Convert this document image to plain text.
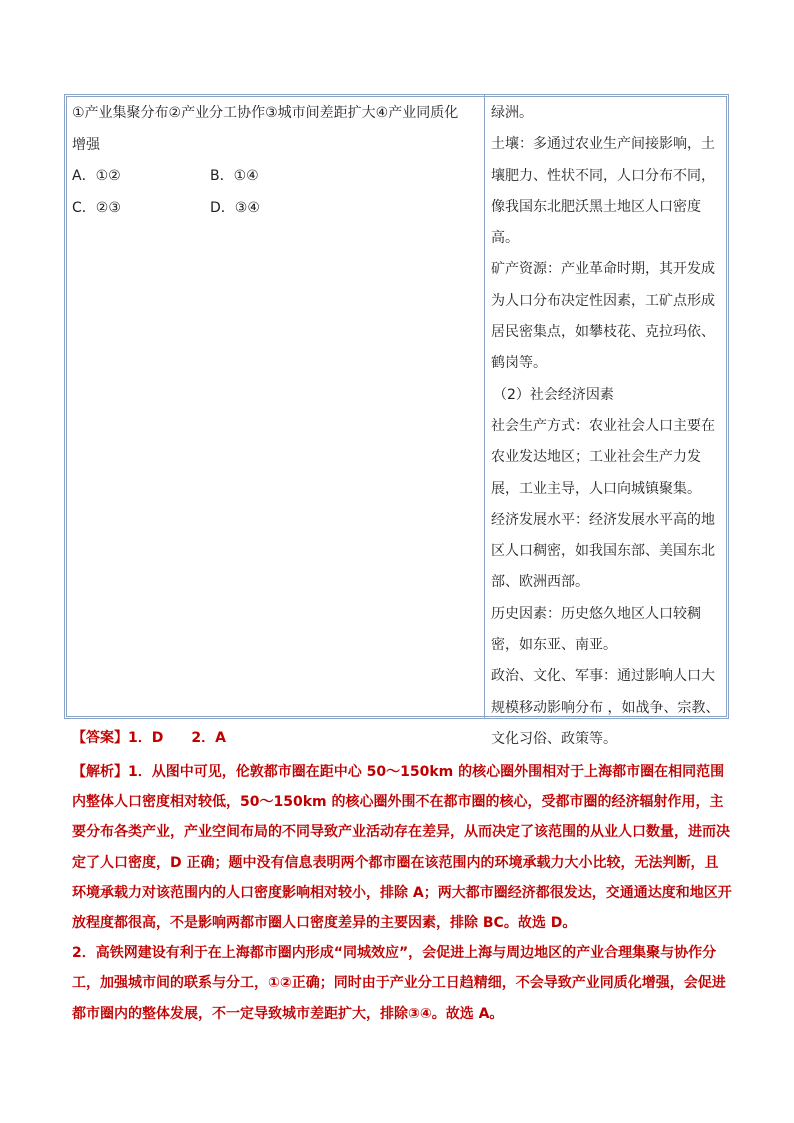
①产业集聚分布②产业分工协作③城市间差距扩大④产业同质化
增强
A．①②	B．①④
C．②③	D．③④

绿洲。

土壤：多通过农业生产间接影响，土壤肥力、性状不同，人口分布不同，像我国东北肥沃黑土地区人口密度高。

矿产资源：产业革命时期，其开发成为人口分布决定性因素，工矿点形成居民密集点，如攀枝花、克拉玛依、鹤岗等。

（2）社会经济因素

社会生产方式：农业社会人口主要在农业发达地区；工业社会生产力发展，工业主导，人口向城镇聚集。

经济发展水平：经济发展水平高的地区人口稠密，如我国东部、美国东北部、欧洲西部。

历史因素：历史悠久地区人口较稠密，如东亚、南亚。

政治、文化、军事：通过影响人口大规模移动影响分布 ，如战争、宗教、文化习俗、政策等。

【答案】1．D 2．A

【解析】1．从图中可见，伦敦都市圈在距中心 50～150km 的核心圈外围相对于上海都市圈在相同范围内整体人口密度相对较低，50～150km 的核心圈外围不在都市圈的核心，受都市圈的经济辐射作用，主要分布各类产业，产业空间布局的不同导致产业活动存在差异，从而决定了该范围的从业人口数量，进而决定了人口密度，D 正确；题中没有信息表明两个都市圈在该范围内的环境承载力大小比较，无法判断，且环境承载力对该范围内的人口密度影响相对较小，排除 A；两大都市圈经济都很发达，交通通达度和地区开放程度都很高，不是影响两都市圈人口密度差异的主要因素，排除 BC。故选 D。

2．高铁网建设有利于在上海都市圈内形成“同城效应”，会促进上海与周边地区的产业合理集聚与协作分工，加强城市间的联系与分工，①②正确；同时由于产业分工日趋精细，不会导致产业同质化增强，会促进都市圈内的整体发展，不一定导致城市差距扩大，排除③④。故选 A。
